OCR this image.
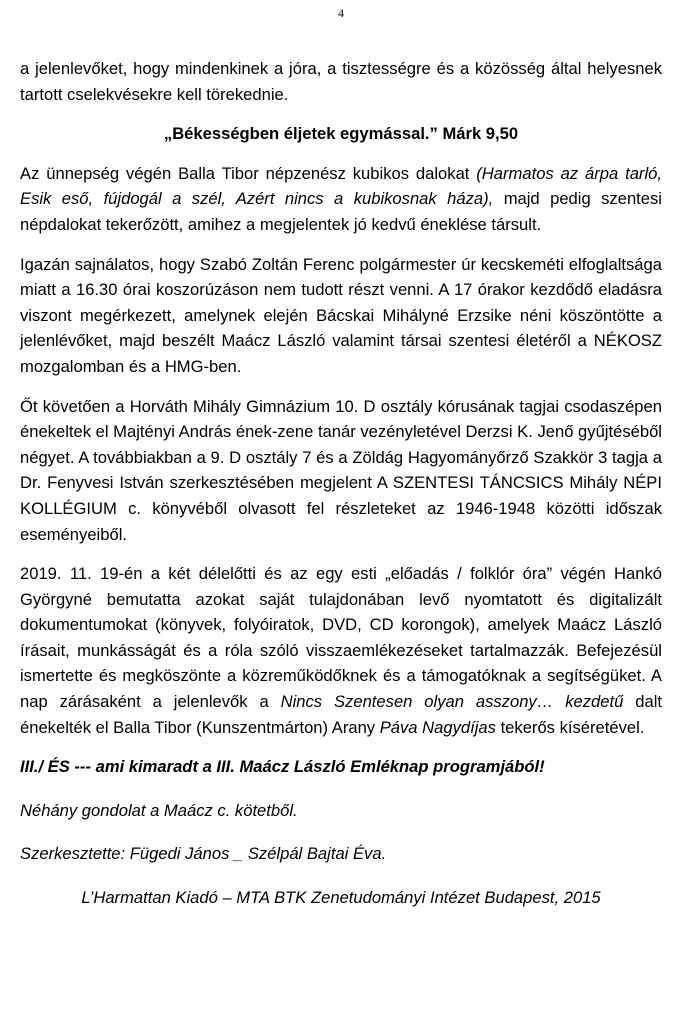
4

a jelenlevőket, hogy mindenkinek a jóra, a tisztességre és a közösség által helyesnek tartott cselekvésekre kell törekednie.

„Békességben éljetek egymással.” Márk 9,50

Az ünnepség végén Balla Tibor népzenész kubikos dalokat (Harmatos az árpa tarló, Esik eső, fújdogál a szél, Azért nincs a kubikosnak háza), majd pedig szentesi népdalokat tekerőzött, amihez a megjelentek jó kedvű éneklése társult.

Igazán sajnálatos, hogy Szabó Zoltán Ferenc polgármester úr kecskeméti elfoglaltsága miatt a 16.30 órai koszorúzáson nem tudott részt venni. A 17 órakor kezdődő eladásra viszont megérkezett, amelynek elején Bácskai Mihályné Erzsike néni köszöntötte a jelenlévőket, majd beszélt Maácz László valamint társai szentesi életéről a NÉKOSZ mozgalomban és a HMG-ben.

Őt követően a Horváth Mihály Gimnázium 10. D osztály kórusának tagjai csodaszépen énekeltek el Majtényi András ének-zene tanár vezényletével Derzsi K. Jenő gyűjtéséből négyet. A továbbiakban a 9. D osztály 7 és a Zöldág Hagyományőrző Szakkör 3 tagja a Dr. Fenyvesi István szerkesztésében megjelent A SZENTESI TÁNCSICS Mihály NÉPI KOLLÉGIUM c. könyvéből olvasott fel részleteket az 1946-1948 közötti időszak eseményeiből.

2019. 11. 19-én a két délelőtti és az egy esti „előadás / folklór óra” végén Hankó Györgyné bemutatta azokat saját tulajdonában levő nyomtatott és digitalizált dokumentumokat (könyvek, folyóiratok, DVD, CD korongok), amelyek Maácz László írásait, munkásságát és a róla szóló visszaemlékezéseket tartalmazzák. Befejezésül ismertette és megköszönte a közreműködőknek és a támogatóknak a segítségüket. A nap zárásaként a jelenlevők a Nincs Szentesen olyan asszony… kezdetű dalt énekelték el Balla Tibor (Kunszentmárton) Arany Páva Nagydíjas tekerős kíséretével.

III./ ÉS --- ami kimaradt a III. Maácz László Emléknap programjából!

Néhány gondolat a Maácz c. kötetből.

Szerkesztette: Fügedi János _ Szélpál Bajtai Éva.

L’Harmattan Kiadó – MTA BTK Zenetudományi Intézet Budapest, 2015
